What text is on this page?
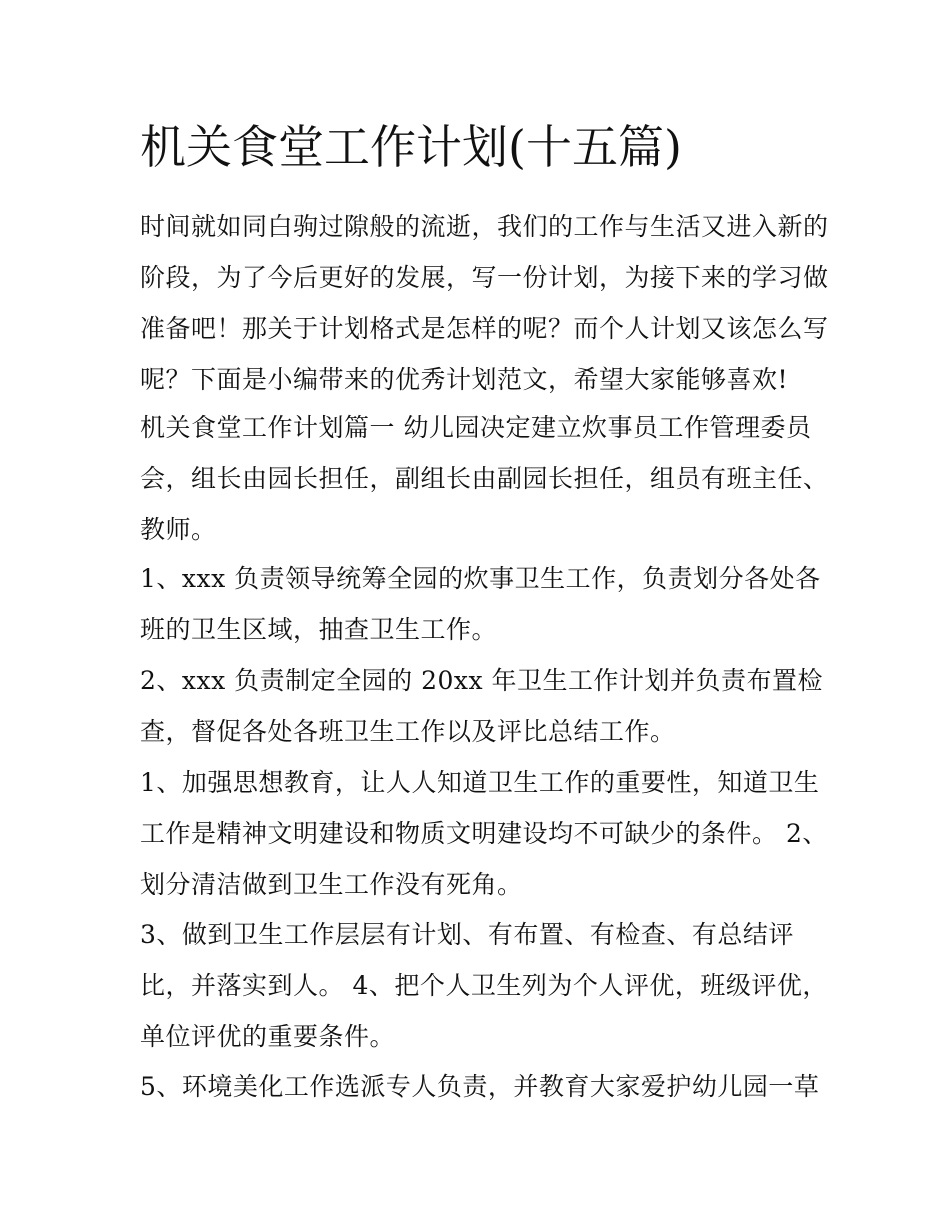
机关食堂工作计划(十五篇)
时间就如同白驹过隙般的流逝，我们的工作与生活又进入新的
阶段，为了今后更好的发展，写一份计划，为接下来的学习做
准备吧！那关于计划格式是怎样的呢？而个人计划又该怎么写
呢？下面是小编带来的优秀计划范文，希望大家能够喜欢!
机关食堂工作计划篇一 幼儿园决定建立炊事员工作管理委员
会，组长由园长担任，副组长由副园长担任，组员有班主任、
教师。
1、xxx 负责领导统筹全园的炊事卫生工作，负责划分各处各
班的卫生区域，抽查卫生工作。
2、xxx 负责制定全园的 20xx 年卫生工作计划并负责布置检
查，督促各处各班卫生工作以及评比总结工作。
1、加强思想教育，让人人知道卫生工作的重要性，知道卫生
工作是精神文明建设和物质文明建设均不可缺少的条件。 2、
划分清洁做到卫生工作没有死角。
3、做到卫生工作层层有计划、有布置、有检查、有总结评
比，并落实到人。 4、把个人卫生列为个人评优，班级评优，
单位评优的重要条件。
5、环境美化工作选派专人负责，并教育大家爱护幼儿园一草
